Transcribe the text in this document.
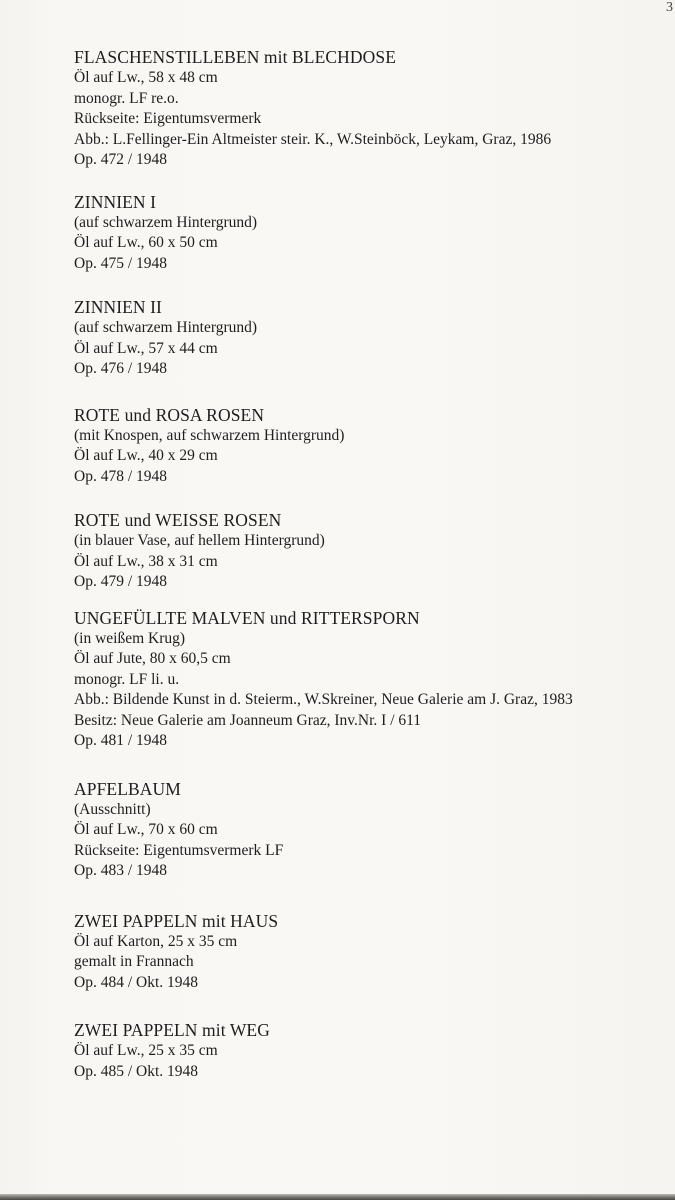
3
FLASCHENSTILLEBEN mit BLECHDOSE
Öl auf Lw., 58 x 48 cm
monogr. LF re.o.
Rückseite: Eigentumsvermerk
Abb.: L.Fellinger-Ein Altmeister steir. K., W.Steinböck, Leykam, Graz, 1986
Op. 472 / 1948
ZINNIEN I
(auf schwarzem Hintergrund)
Öl auf Lw., 60 x 50 cm
Op. 475 / 1948
ZINNIEN II
(auf schwarzem Hintergrund)
Öl auf Lw., 57 x 44 cm
Op. 476 / 1948
ROTE und ROSA ROSEN
(mit Knospen, auf schwarzem Hintergrund)
Öl auf Lw., 40 x 29 cm
Op. 478 / 1948
ROTE und WEISSE ROSEN
(in blauer Vase, auf hellem Hintergrund)
Öl auf Lw., 38 x 31 cm
Op. 479 / 1948
UNGEFÜLLTE MALVEN und RITTERSPORN
(in weißem Krug)
Öl auf Jute, 80 x 60,5 cm
monogr. LF li. u.
Abb.: Bildende Kunst in d. Steierm., W.Skreiner, Neue Galerie am J. Graz, 1983
Besitz: Neue Galerie am Joanneum Graz, Inv.Nr. I / 611
Op. 481 / 1948
APFELBAUM
(Ausschnitt)
Öl auf Lw., 70 x 60 cm
Rückseite: Eigentumsvermerk LF
Op. 483 / 1948
ZWEI PAPPELN mit HAUS
Öl auf Karton, 25 x 35 cm
gemalt in Frannach
Op. 484 / Okt. 1948
ZWEI PAPPELN mit WEG
Öl auf Lw., 25 x 35 cm
Op. 485 / Okt. 1948
